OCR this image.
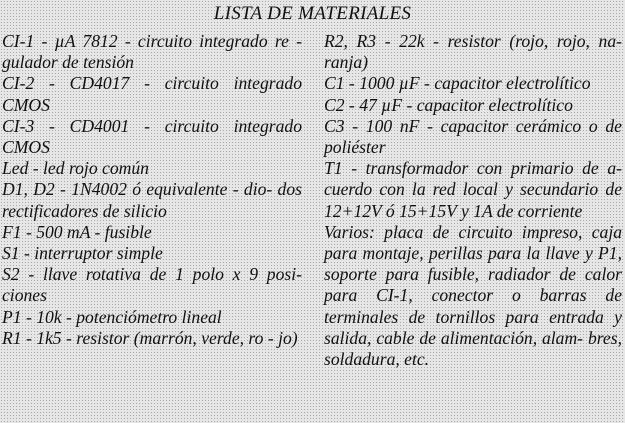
LISTA DE MATERIALES

CI-1 - µA 7812 - circuito integrado re - gulador de tensión

CI-2 - CD4017 - circuito integrado CMOS

CI-3 - CD4001 - circuito integrado CMOS

Led - led rojo común

D1, D2 - 1N4002 ó equivalente - dio- dos rectificadores de silicio

F1 - 500 mA - fusible

S1 - interruptor simple

S2 - llave rotativa de 1 polo x 9 posi- ciones

P1 - 10k - potenciómetro lineal

R1 - 1k5 - resistor (marrón, verde, ro - jo)

R2, R3 - 22k - resistor (rojo, rojo, na- ranja)

C1 - 1000 µF - capacitor electrolítico

C2 - 47 µF - capacitor electrolítico

C3 - 100 nF - capacitor cerámico o de poliéster

T1 - transformador con primario de a- cuerdo con la red local y secundario de 12+12V ó 15+15V y 1A de corriente

Varios: placa de circuito impreso, caja para montaje, perillas para la llave y P1, soporte para fusible, radiador de calor para CI-1, conector o barras de terminales de tornillos para entrada y salida, cable de alimentación, alam- bres, soldadura, etc.
